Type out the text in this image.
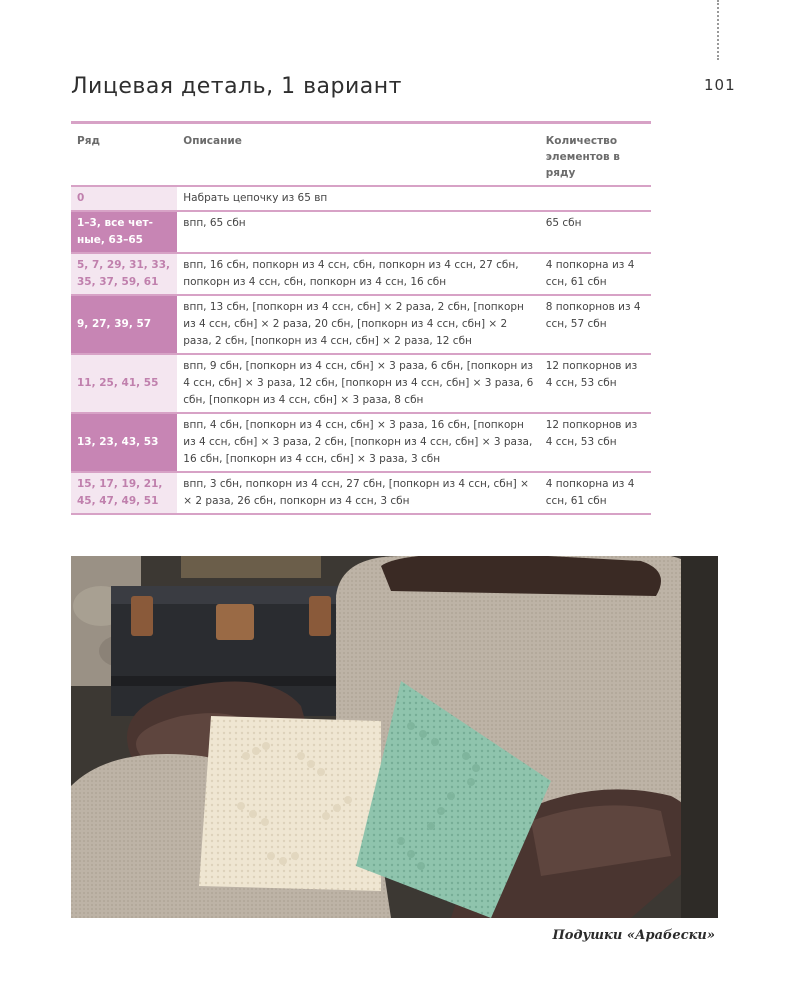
101
Лицевая деталь, 1 вариант
Ряд	Описание	Количество элементов в ряду
0	Набрать цепочку из 65 вп	
1–3, все чет-ные, 63–65	впп, 65 сбн	65 сбн
5, 7, 29, 31, 33, 35, 37, 59, 61	впп, 16 сбн, попкорн из 4 ссн, сбн, попкорн из 4 ссн, 27 сбн, попкорн из 4 ссн, сбн, попкорн из 4 ссн, 16 сбн	4 попкорна из 4 ссн, 61 сбн
9, 27, 39, 57	впп, 13 сбн, [попкорн из 4 ссн, сбн] × 2 раза, 2 сбн, [попкорн из 4 ссн, сбн] × 2 раза, 20 сбн, [попкорн из 4 ссн, сбн] × 2 раза, 2 сбн, [попкорн из 4 ссн, сбн] × 2 раза, 12 сбн	8 попкорнов из 4 ссн, 57 сбн
11, 25, 41, 55	впп, 9 сбн, [попкорн из 4 ссн, сбн] × 3 раза, 6 сбн, [попкорн из 4 ссн, сбн] × 3 раза, 12 сбн, [попкорн из 4 ссн, сбн] × 3 раза, 6 сбн, [попкорн из 4 ссн, сбн] × 3 раза, 8 сбн	12 попкорнов из 4 ссн, 53 сбн
13, 23, 43, 53	впп, 4 сбн, [попкорн из 4 ссн, сбн] × 3 раза, 16 сбн, [попкорн из 4 ссн, сбн] × 3 раза, 2 сбн, [попкорн из 4 ссн, сбн] × 3 раза, 16 сбн, [попкорн из 4 ссн, сбн] × 3 раза, 3 сбн	12 попкорнов из 4 ссн, 53 сбн
15, 17, 19, 21, 45, 47, 49, 51	впп, 3 сбн, попкорн из 4 ссн, 27 сбн, [попкорн из 4 ссн, сбн] × × 2 раза, 26 сбн, попкорн из 4 ссн, 3 сбн	4 попкорна из 4 ссн, 61 сбн
Подушки «Арабески»
